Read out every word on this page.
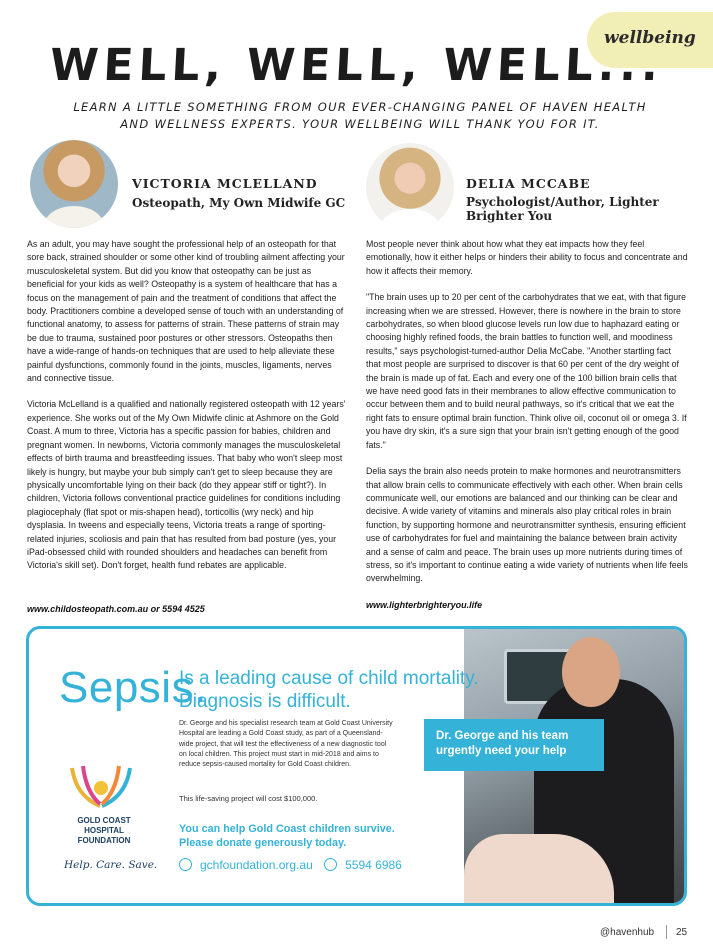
wellbeing
WELL, WELL, WELL...
LEARN A LITTLE SOMETHING FROM OUR EVER-CHANGING PANEL OF HAVEN HEALTH AND WELLNESS EXPERTS. YOUR WELLBEING WILL THANK YOU FOR IT.
VICTORIA MCLELLAND
Osteopath, My Own Midwife GC
DELIA MCCABE
Psychologist/Author, Lighter Brighter You

As an adult, you may have sought the professional help of an osteopath for that sore back, strained shoulder or some other kind of troubling ailment affecting your musculoskeletal system. But did you know that osteopathy can be just as beneficial for your kids as well? Osteopathy is a system of healthcare that has a focus on the management of pain and the treatment of conditions that affect the body. Practitioners combine a developed sense of touch with an understanding of functional anatomy, to assess for patterns of strain. These patterns of strain may be due to trauma, sustained poor postures or other stressors. Osteopaths then have a wide-range of hands-on techniques that are used to help alleviate these painful dysfunctions, commonly found in the joints, muscles, ligaments, nerves and connective tissue.

Victoria McLelland is a qualified and nationally registered osteopath with 12 years' experience. She works out of the My Own Midwife clinic at Ashmore on the Gold Coast. A mum to three, Victoria has a specific passion for babies, children and pregnant women. In newborns, Victoria commonly manages the musculoskeletal effects of birth trauma and breastfeeding issues. That baby who won't sleep most likely is hungry, but maybe your bub simply can't get to sleep because they are physically uncomfortable lying on their back (do they appear stiff or tight?). In children, Victoria follows conventional practice guidelines for conditions including plagiocephaly (flat spot or mis-shapen head), torticollis (wry neck) and hip dysplasia. In tweens and especially teens, Victoria treats a range of sporting-related injuries, scoliosis and pain that has resulted from bad posture (yes, your iPad-obsessed child with rounded shoulders and headaches can benefit from Victoria's skill set). Don't forget, health fund rebates are applicable.

www.childosteopath.com.au or 5594 4525

Most people never think about how what they eat impacts how they feel emotionally, how it either helps or hinders their ability to focus and concentrate and how it affects their memory.

"The brain uses up to 20 per cent of the carbohydrates that we eat, with that figure increasing when we are stressed. However, there is nowhere in the brain to store carbohydrates, so when blood glucose levels run low due to haphazard eating or choosing highly refined foods, the brain battles to function well, and moodiness results," says psychologist-turned-author Delia McCabe. "Another startling fact that most people are surprised to discover is that 60 per cent of the dry weight of the brain is made up of fat. Each and every one of the 100 billion brain cells that we have need good fats in their membranes to allow effective communication to occur between them and to build neural pathways, so it's critical that we eat the right fats to ensure optimal brain function. Think olive oil, coconut oil or omega 3. If you have dry skin, it's a sure sign that your brain isn't getting enough of the good fats."

Delia says the brain also needs protein to make hormones and neurotransmitters that allow brain cells to communicate effectively with each other. When brain cells communicate well, our emotions are balanced and our thinking can be clear and decisive. A wide variety of vitamins and minerals also play critical roles in brain function, by supporting hormone and neurotransmitter synthesis, ensuring efficient use of carbohydrates for fuel and maintaining the balance between brain activity and a sense of calm and peace. The brain uses up more nutrients during times of stress, so it's important to continue eating a wide variety of nutrients when life feels overwhelming.

www.lighterbrighteryou.life
Sepsis.
Is a leading cause of child mortality.
Diagnosis is difficult.
Dr. George and his specialist research team at Gold Coast University Hospital are leading a Gold Coast study, as part of a Queensland-wide project, that will test the effectiveness of a new diagnostic tool on local children. This project must start in mid-2018 and aims to reduce sepsis-caused mortality for Gold Coast children.
This life-saving project will cost $100,000.
Dr. George and his team urgently need your help
GOLD COAST
HOSPITAL
FOUNDATION
Help. Care. Save.
You can help Gold Coast children survive.
Please donate generously today.
gchfoundation.org.au	5594 6986
@havenhub 25
